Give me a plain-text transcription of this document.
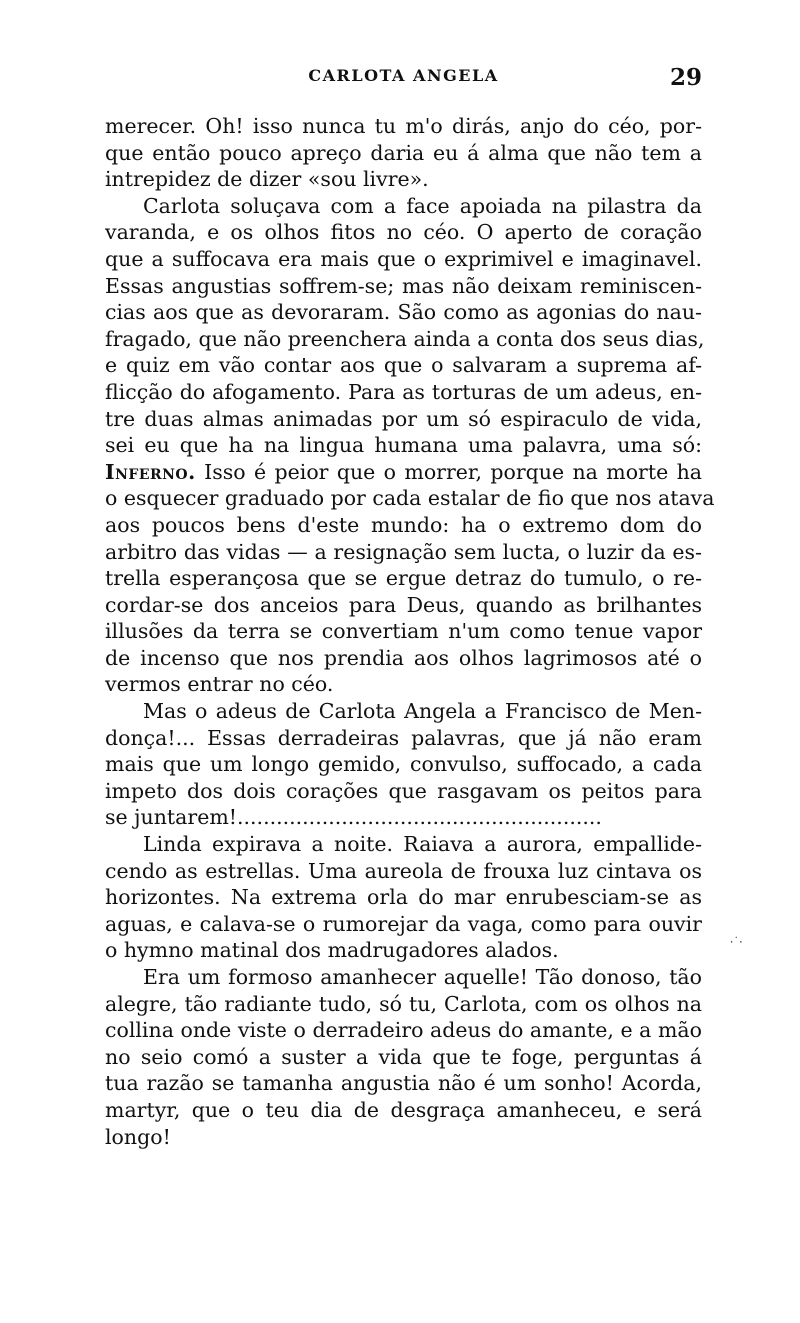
CARLOTA ANGELA	29
merecer. Oh! isso nunca tu m'o dirás, anjo do céo, por-
que então pouco apreço daria eu á alma que não tem a
intrepidez de dizer «sou livre».
Carlota soluçava com a face apoiada na pilastra da
varanda, e os olhos fitos no céo. O aperto de coração
que a suffocava era mais que o exprimivel e imaginavel.
Essas angustias soffrem-se; mas não deixam reminiscen-
cias aos que as devoraram. São como as agonias do nau-
fragado, que não preenchera ainda a conta dos seus dias,
e quiz em vão contar aos que o salvaram a suprema af-
flicção do afogamento. Para as torturas de um adeus, en-
tre duas almas animadas por um só espiraculo de vida,
sei eu que ha na lingua humana uma palavra, uma só:
Inferno. Isso é peior que o morrer, porque na morte ha
o esquecer graduado por cada estalar de fio que nos atava
aos poucos bens d'este mundo: ha o extremo dom do
arbitro das vidas — a resignação sem lucta, o luzir da es-
trella esperançosa que se ergue detraz do tumulo, o re-
cordar-se dos anceios para Deus, quando as brilhantes
illusões da terra se convertiam n'um como tenue vapor
de incenso que nos prendia aos olhos lagrimosos até o
vermos entrar no céo.
Mas o adeus de Carlota Angela a Francisco de Men-
donça!... Essas derradeiras palavras, que já não eram
mais que um longo gemido, convulso, suffocado, a cada
impeto dos dois corações que rasgavam os peitos para
se juntarem!........................................................
Linda expirava a noite. Raiava a aurora, empallide-
cendo as estrellas. Uma aureola de frouxa luz cintava os
horizontes. Na extrema orla do mar enrubesciam-se as
aguas, e calava-se o rumorejar da vaga, como para ouvir
o hymno matinal dos madrugadores alados.
Era um formoso amanhecer aquelle! Tão donoso, tão
alegre, tão radiante tudo, só tu, Carlota, com os olhos na
collina onde viste o derradeiro adeus do amante, e a mão
no seio comó a suster a vida que te foge, perguntas á
tua razão se tamanha angustia não é um sonho! Acorda,
martyr, que o teu dia de desgraça amanheceu, e será
longo!
⸱˙⸱
